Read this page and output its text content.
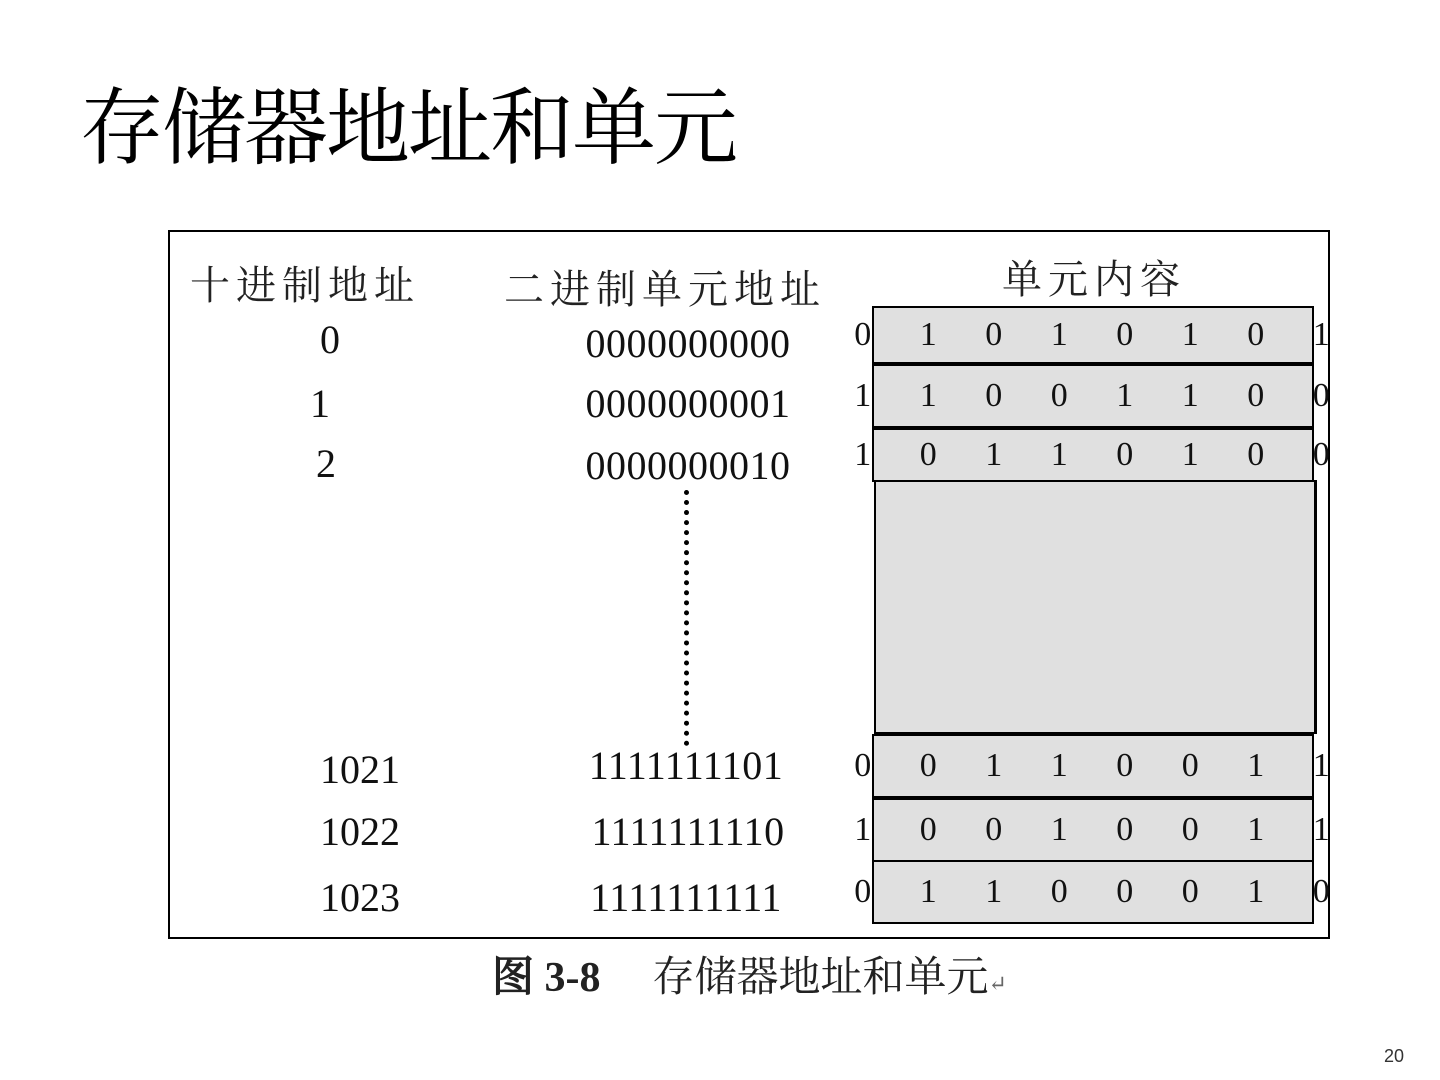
存储器地址和单元
十进制地址 二进制单元地址	单元内容
0	0000000000	0 1 0 1 0 1 0 1
1	0000000001	1 1 0 0 1 1 0 0
2	0000000010	1 0 1 1 0 1 0 0
1021	1111111101	0 0 1 1 0 0 1 1
1022	1111111110	1 0 0 1 0 0 1 1
1023	1111111111	0 1 1 0 0 0 1 0
图 3-8 存储器地址和单元↵
20
